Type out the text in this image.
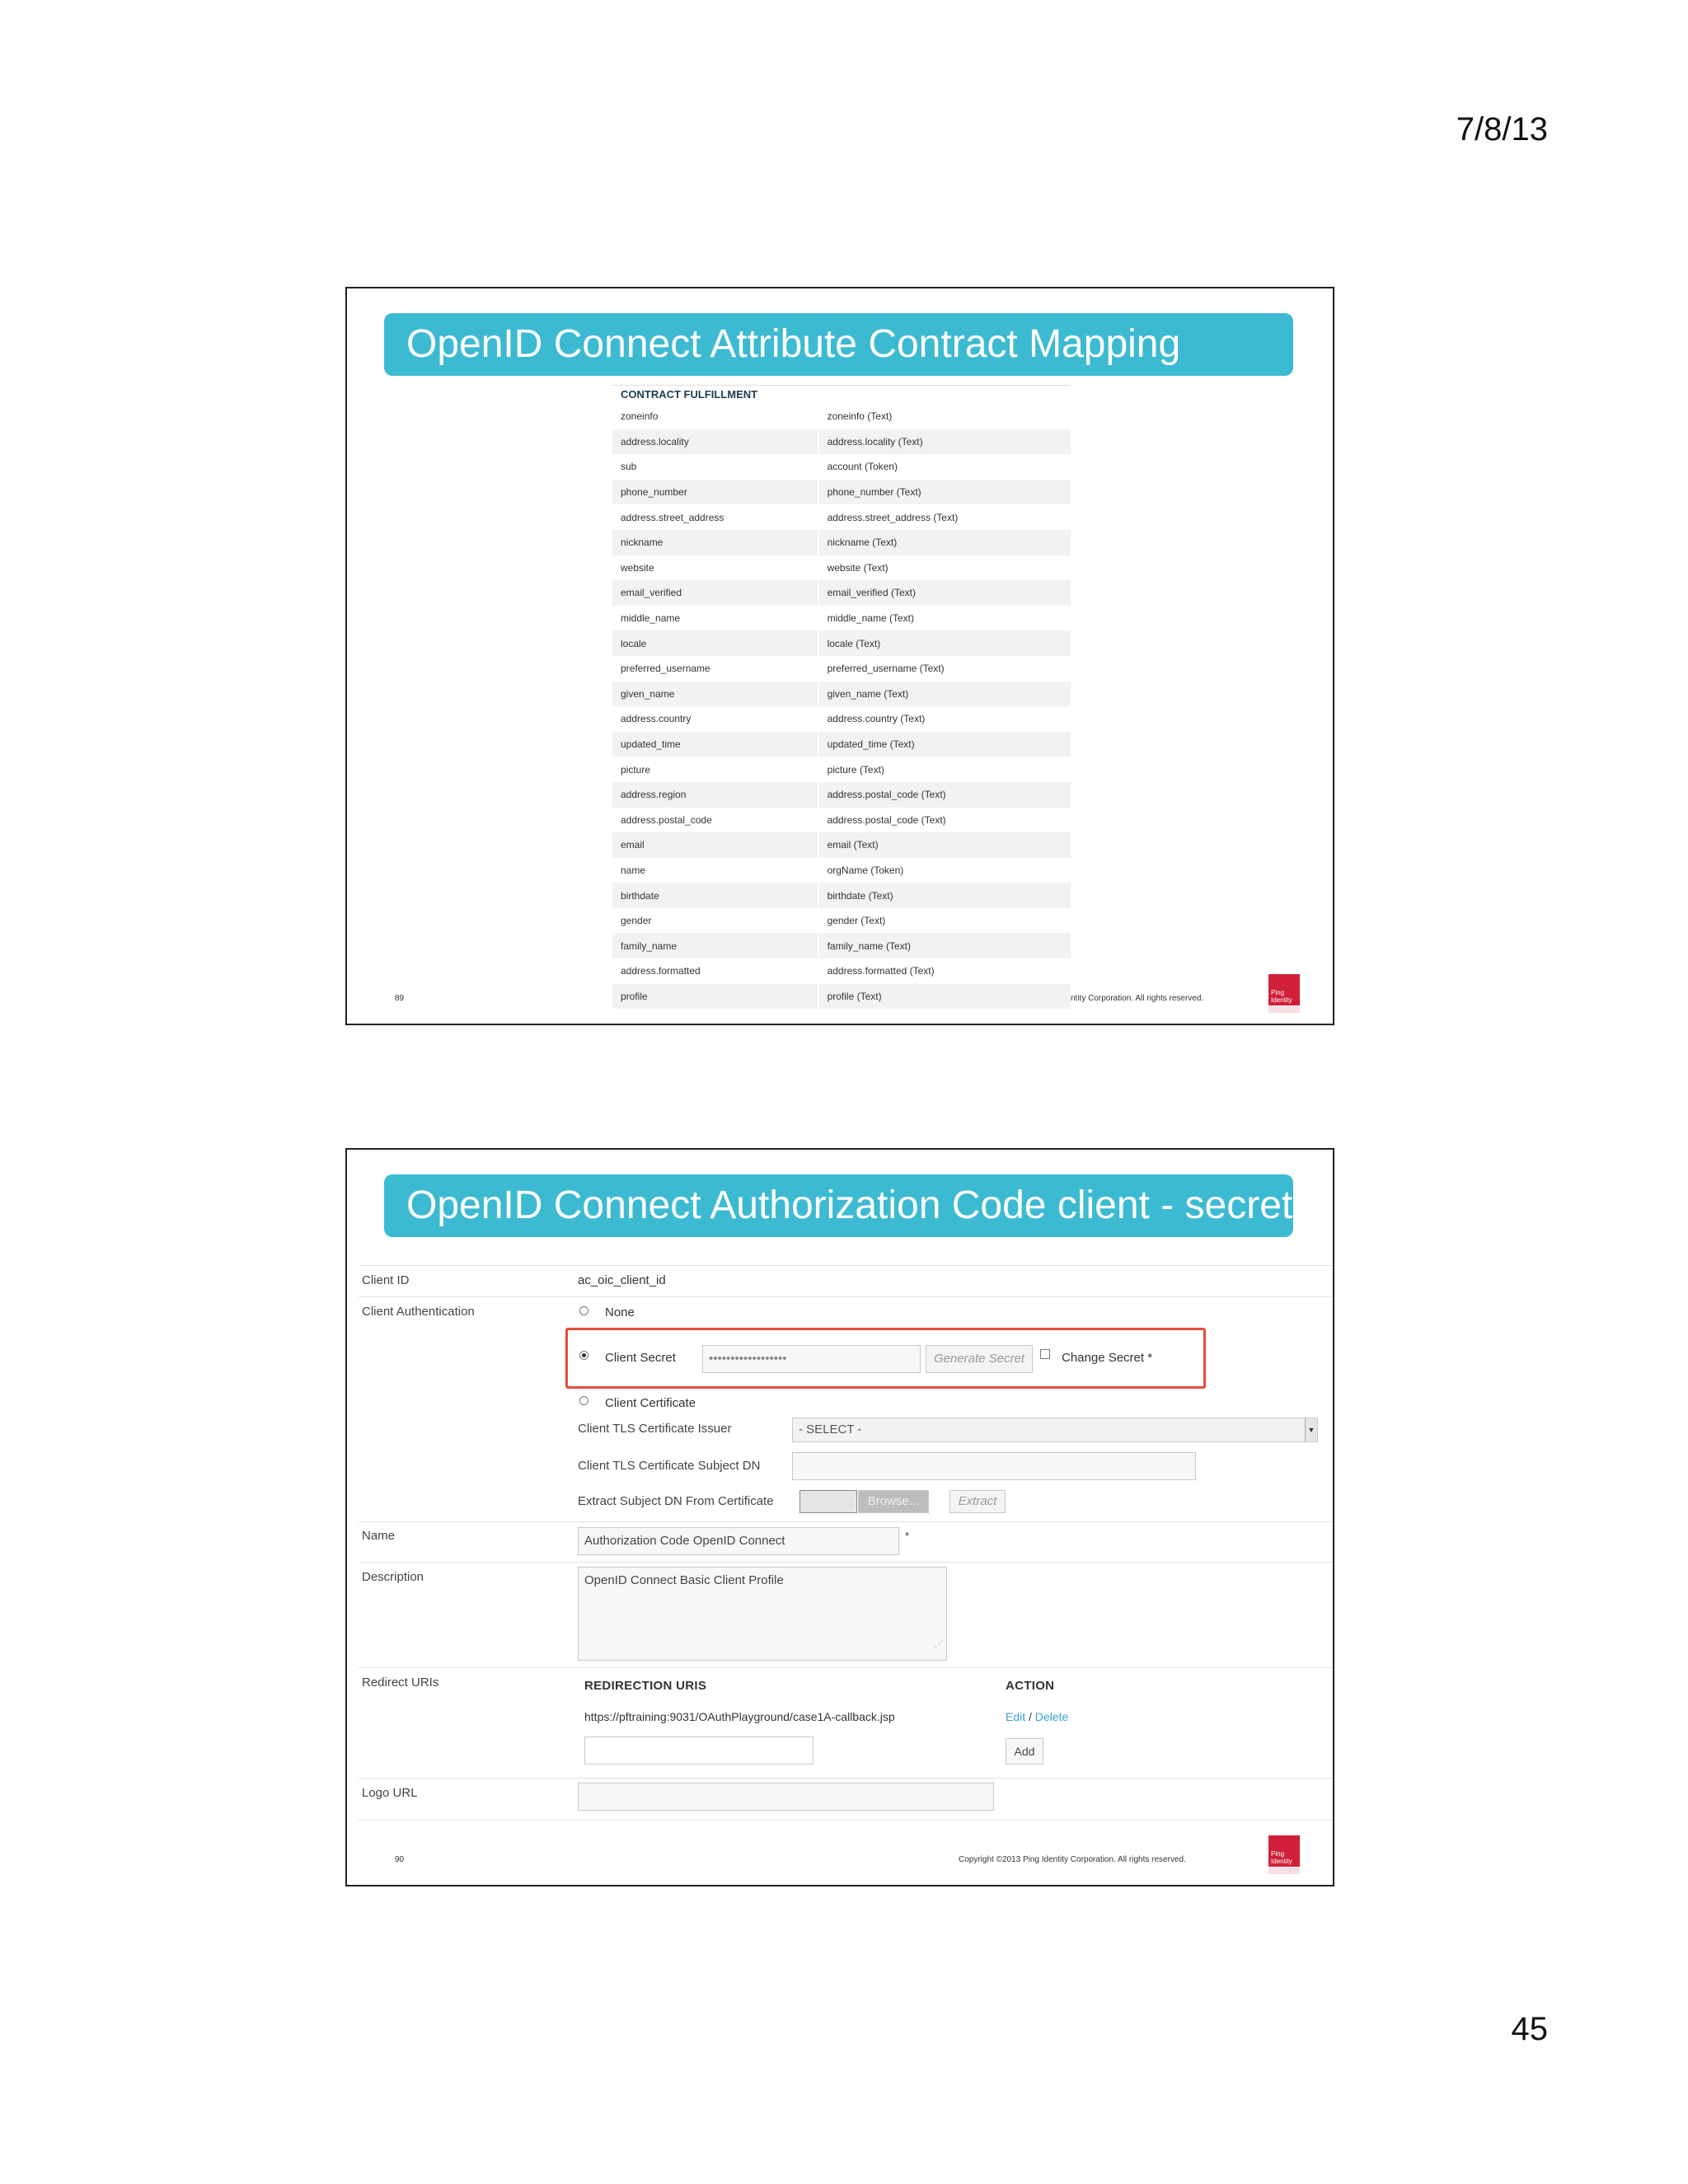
7/8/13
45
OpenID Connect Attribute Contract Mapping
CONTRACT FULFILLMENT
zoneinfo	zoneinfo (Text)
address.locality	address.locality (Text)
sub	account (Token)
phone_number	phone_number (Text)
address.street_address	address.street_address (Text)
nickname	nickname (Text)
website	website (Text)
email_verified	email_verified (Text)
middle_name	middle_name (Text)
locale	locale (Text)
preferred_username	preferred_username (Text)
given_name	given_name (Text)
address.country	address.country (Text)
updated_time	updated_time (Text)
picture	picture (Text)
address.region	address.postal_code (Text)
address.postal_code	address.postal_code (Text)
email	email (Text)
name	orgName (Token)
birthdate	birthdate (Text)
gender	gender (Text)
family_name	family_name (Text)
address.formatted	address.formatted (Text)
profile	profile (Text)
89	ntity Corporation. All rights reserved.
Ping Identity
OpenID Connect Authorization Code client - secret
Client ID	ac_oic_client_id
Client Authentication	None
Client Secret	••••••••••••••••••	Generate Secret	Change Secret *
Client Certificate
Client TLS Certificate Issuer	- SELECT -	▼
Client TLS Certificate Subject DN
Extract Subject DN From Certificate	Browse...	Extract
Name	Authorization Code OpenID Connect	*
Description	OpenID Connect Basic Client Profile
⋰
Redirect URIs	REDIRECTION URIS	ACTION
https://pftraining:9031/OAuthPlayground/case1A-callback.jsp	Edit / Delete
Add
Logo URL
90	Copyright ©2013 Ping Identity Corporation. All rights reserved.
Ping Identity
